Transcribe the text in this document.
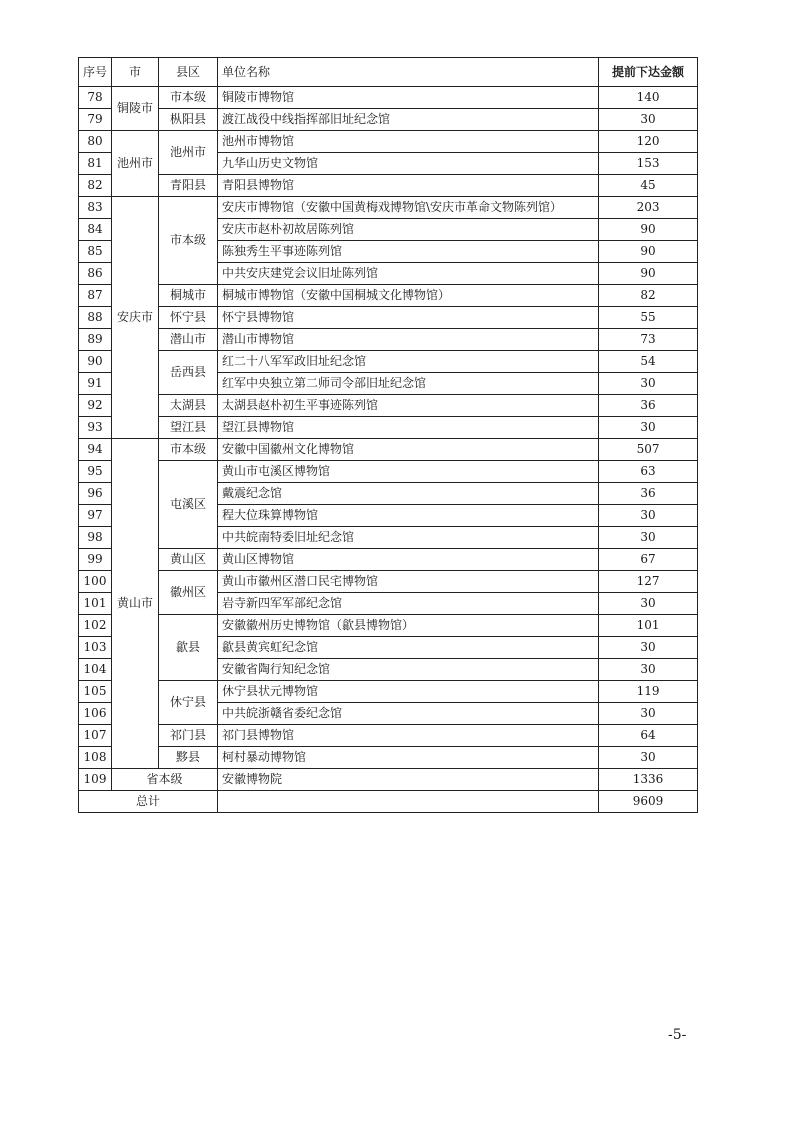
序号	市	县区	单位名称	提前下达金额
78	铜陵市	市本级	铜陵市博物馆	140
79		枞阳县	渡江战役中线指挥部旧址纪念馆	30
80	池州市	池州市	池州市博物馆	120
81			九华山历史文物馆	153
82		青阳县	青阳县博物馆	45
83	安庆市	市本级	安庆市博物馆（安徽中国黄梅戏博物馆\安庆市革命文物陈列馆）	203
84			安庆市赵朴初故居陈列馆	90
85			陈独秀生平事迹陈列馆	90
86			中共安庆建党会议旧址陈列馆	90
87		桐城市	桐城市博物馆（安徽中国桐城文化博物馆）	82
88		怀宁县	怀宁县博物馆	55
89		潜山市	潜山市博物馆	73
90		岳西县	红二十八军军政旧址纪念馆	54
91			红军中央独立第二师司令部旧址纪念馆	30
92		太湖县	太湖县赵朴初生平事迹陈列馆	36
93		望江县	望江县博物馆	30
94	黄山市	市本级	安徽中国徽州文化博物馆	507
95		屯溪区	黄山市屯溪区博物馆	63
96			戴震纪念馆	36
97			程大位珠算博物馆	30
98			中共皖南特委旧址纪念馆	30
99		黄山区	黄山区博物馆	67
100		徽州区	黄山市徽州区潜口民宅博物馆	127
101			岩寺新四军军部纪念馆	30
102		歙县	安徽徽州历史博物馆（歙县博物馆）	101
103			歙县黄宾虹纪念馆	30
104			安徽省陶行知纪念馆	30
105		休宁县	休宁县状元博物馆	119
106			中共皖浙赣省委纪念馆	30
107		祁门县	祁门县博物馆	64
108		黟县	柯村暴动博物馆	30
109	省本级		安徽博物院	1336
总计				9609
-5-
